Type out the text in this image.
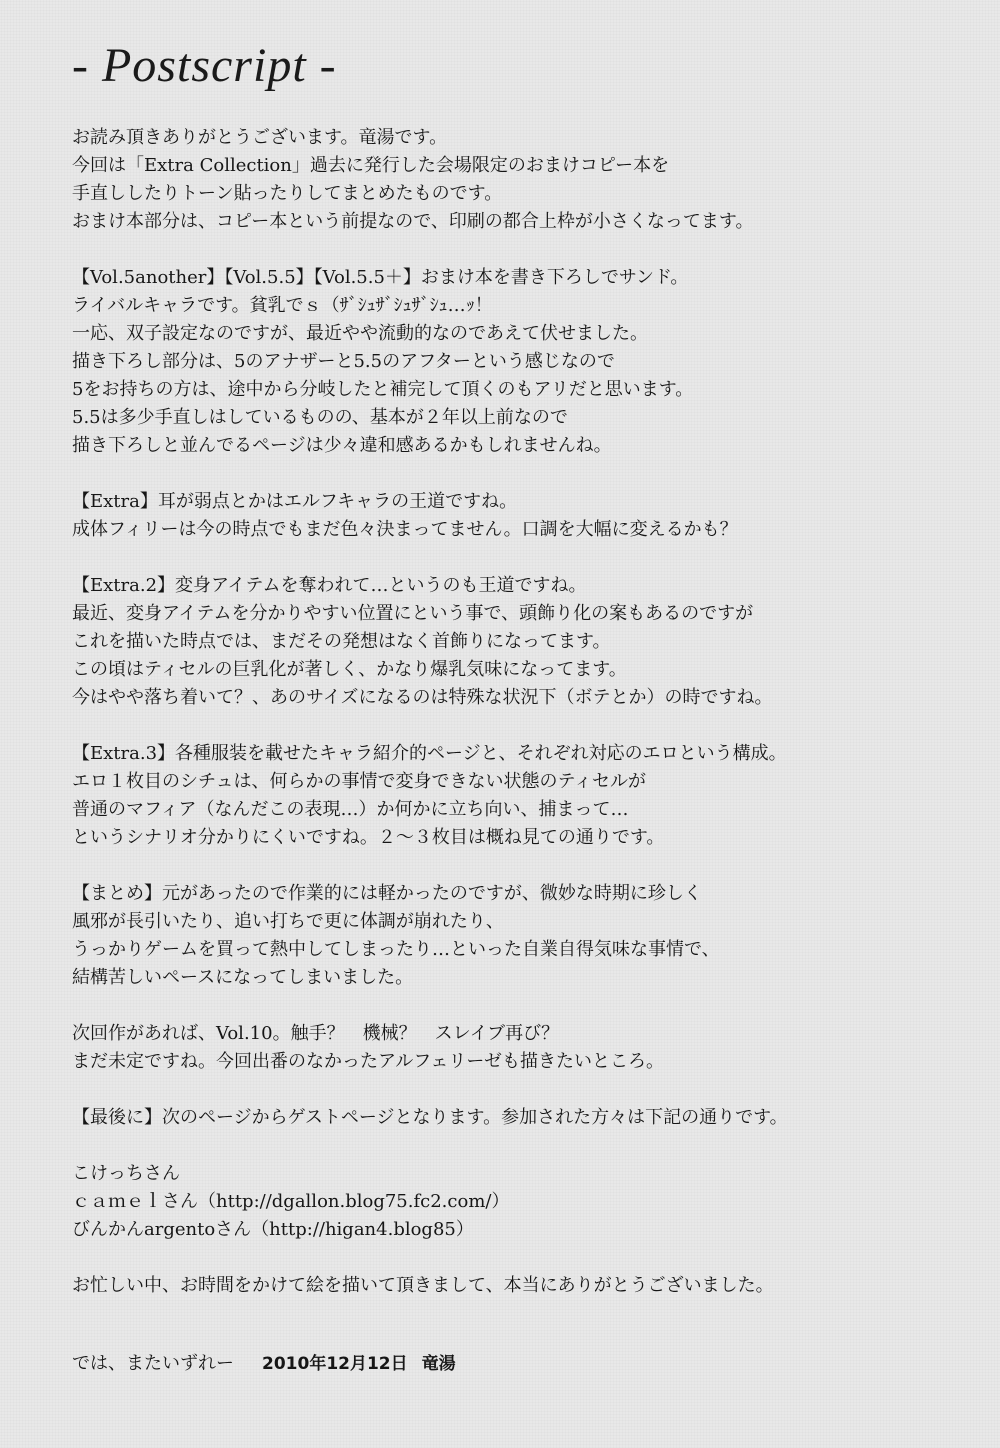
- Postscript -
お読み頂きありがとうございます。竜湯です。
今回は「Extra Collection」過去に発行した会場限定のおまけコピー本を
手直ししたりトーン貼ったりしてまとめたものです。
おまけ本部分は、コピー本という前提なので、印刷の都合上枠が小さくなってます。
【Vol.5another】【Vol.5.5】【Vol.5.5＋】おまけ本を書き下ろしでサンド。
ライバルキャラです。貧乳でｓ（ｻﾞｼｭｻﾞｼｭｻﾞｼｭ…ｯ！
一応、双子設定なのですが、最近やや流動的なのであえて伏せました。
描き下ろし部分は、5のアナザーと5.5のアフターという感じなので
5をお持ちの方は、途中から分岐したと補完して頂くのもアリだと思います。
5.5は多少手直しはしているものの、基本が２年以上前なので
描き下ろしと並んでるページは少々違和感あるかもしれませんね。
【Extra】耳が弱点とかはエルフキャラの王道ですね。
成体フィリーは今の時点でもまだ色々決まってません。口調を大幅に変えるかも？
【Extra.2】変身アイテムを奪われて…というのも王道ですね。
最近、変身アイテムを分かりやすい位置にという事で、頭飾り化の案もあるのですが
これを描いた時点では、まだその発想はなく首飾りになってます。
この頃はティセルの巨乳化が著しく、かなり爆乳気味になってます。
今はやや落ち着いて？、あのサイズになるのは特殊な状況下（ボテとか）の時ですね。
【Extra.3】各種服装を載せたキャラ紹介的ページと、それぞれ対応のエロという構成。
エロ１枚目のシチュは、何らかの事情で変身できない状態のティセルが
普通のマフィア（なんだこの表現…）か何かに立ち向い、捕まって…
というシナリオ分かりにくいですね。２～３枚目は概ね見ての通りです。
【まとめ】元があったので作業的には軽かったのですが、微妙な時期に珍しく
風邪が長引いたり、追い打ちで更に体調が崩れたり、
うっかりゲームを買って熱中してしまったり…といった自業自得気味な事情で、
結構苦しいペースになってしまいました。
次回作があれば、Vol.10。触手？　機械？　スレイブ再び？
まだ未定ですね。今回出番のなかったアルフェリーゼも描きたいところ。
【最後に】次のページからゲストページとなります。参加された方々は下記の通りです。
こけっちさん
ｃａｍｅｌさん（http://dgallon.blog75.fc2.com/）
びんかんargentoさん（http://higan4.blog85）
お忙しい中、お時間をかけて絵を描いて頂きまして、本当にありがとうございました。
では、またいずれー 2010年12月12日 竜湯
